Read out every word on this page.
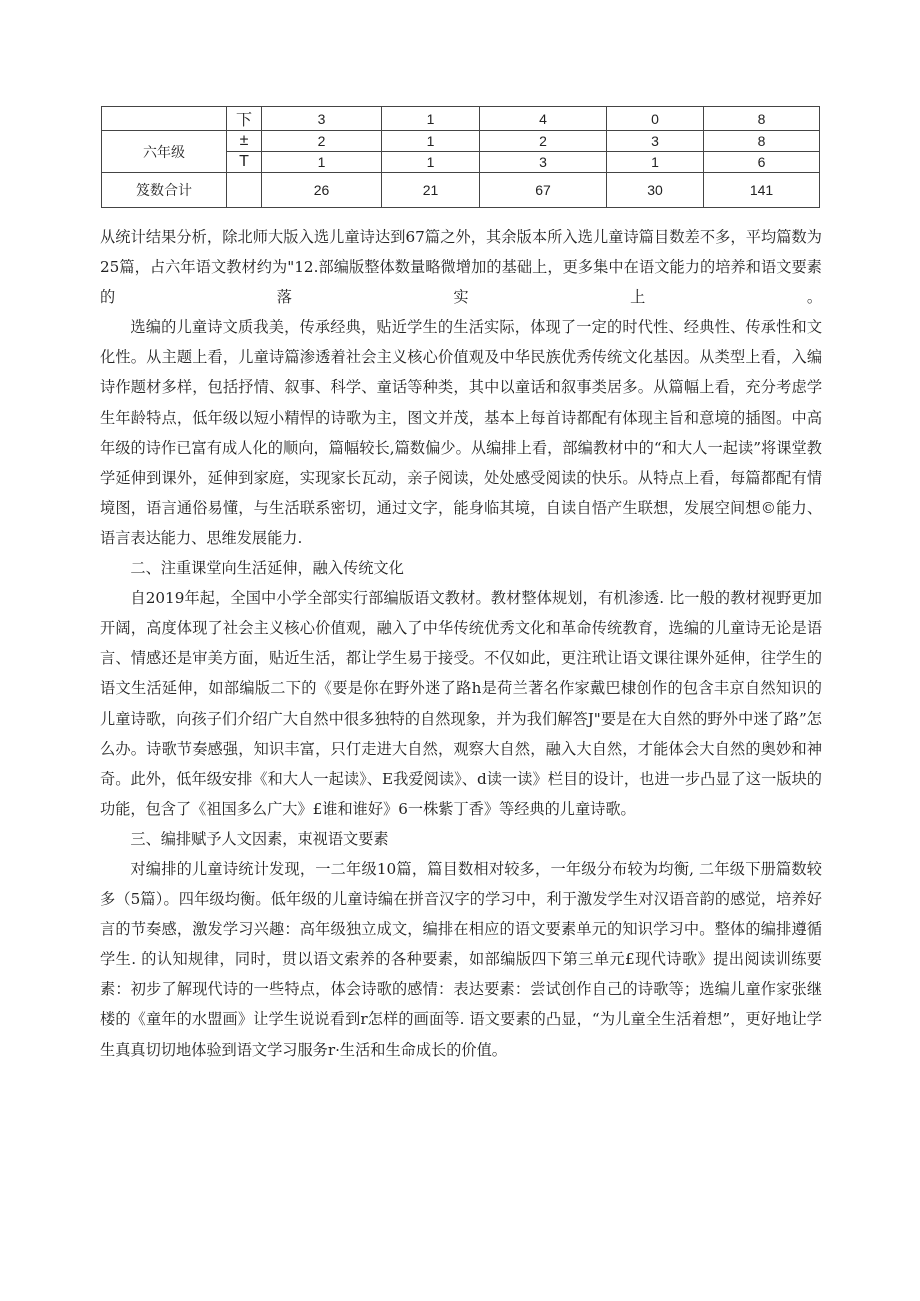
	下	3	1	4	0	8
六年级	±	2	1	2	3	8
	T	1	1	3	1	6
笈数合计		26	21	67	30	141

从统计结果分析，除北师大版入选儿童诗达到67篇之外，其余版本所入选儿童诗篇目数差不多，平均篇数为25篇，占六年语文教材约为"12.部编版整体数量略微增加的基础上，更多集中在语文能力的培养和语文要素的落实上。

选编的儿童诗文质我美，传承经典，贴近学生的生活实际，体现了一定的时代性、经典性、传承性和文化性。从主题上看，儿童诗篇渗透着社会主义核心价值观及中华民族优秀传统文化基因。从类型上看，入编诗作题材多样，包括抒情、叙事、科学、童话等种类，其中以童话和叙事类居多。从篇幅上看，充分考虑学生年龄特点，低年级以短小精悍的诗歌为主，图文并茂，基本上每首诗都配有体现主旨和意境的插图。中高年级的诗作已富有成人化的顺向，篇幅较长,篇数偏少。从编排上看，部编教材中的“和大人一起读”将课堂教学延伸到课外，延伸到家庭，实现家长瓦动，亲子阅读，处处感受阅读的快乐。从特点上看，每篇都配有情境图，语言通俗易懂，与生活联系密切，通过文字，能身临其境，自读自悟产生联想，发展空间想©能力、语言表达能力、思维发展能力.

二、注重课堂向生活延伸，融入传统文化

自2019年起，全国中小学全部实行部编版语文教材。教材整体规划，有机渗透. 比一般的教材视野更加开阔，高度体现了社会主义核心价值观，融入了中华传统优秀文化和革命传统教育，选编的儿童诗无论是语言、情感还是审美方面，贴近生活，都让学生易于接受。不仅如此，更注玳让语文课往课外延伸，往学生的语文生活延伸，如部编版二下的《要是你在野外迷了路h是荷兰著名作家戴巴棣创作的包含丰京自然知识的儿童诗歌，向孩子们介绍广大自然中很多独特的自然现象，并为我们解答J"要是在大自然的野外中迷了路”怎么办。诗歌节奏感强，知识丰富，只仃走进大自然，观察大自然，融入大自然，才能体会大自然的奥妙和神奇。此外，低年级安排《和大人一起读》、E我爱阅读》、d读一读》栏目的设计，也进一步凸显了这一版块的功能，包含了《祖国多么广大》£谁和谁好》6一株紫丁香》等经典的儿童诗歌。

三、编排赋予人文因素，束视语文要素

对编排的儿童诗统计发现，一二年级10篇，篇目数相对较多，一年级分布较为均衡, 二年级下册篇数较多（5篇）。四年级均衡。低年级的儿童诗编在拼音汉字的学习中，利于激发学生对汉语音韵的感觉，培养好言的节奏感，激发学习兴趣：高年级独立成文，编排在相应的语文要素单元的知识学习中。整体的编排遵循学生. 的认知规律，同时，贯以语文索养的各种要素，如部编版四下第三单元£现代诗歌》提出阅读训练要素：初步了解现代诗的一些特点，体会诗歌的感情：表达要素：尝试创作自己的诗歌等；选编儿童作家张继楼的《童年的水盟画》让学生说说看到r怎样的画面等. 语文要素的凸显，“为儿童全生活着想”，更好地让学生真真切切地体验到语文学习服务r·生活和生命成长的价值。
